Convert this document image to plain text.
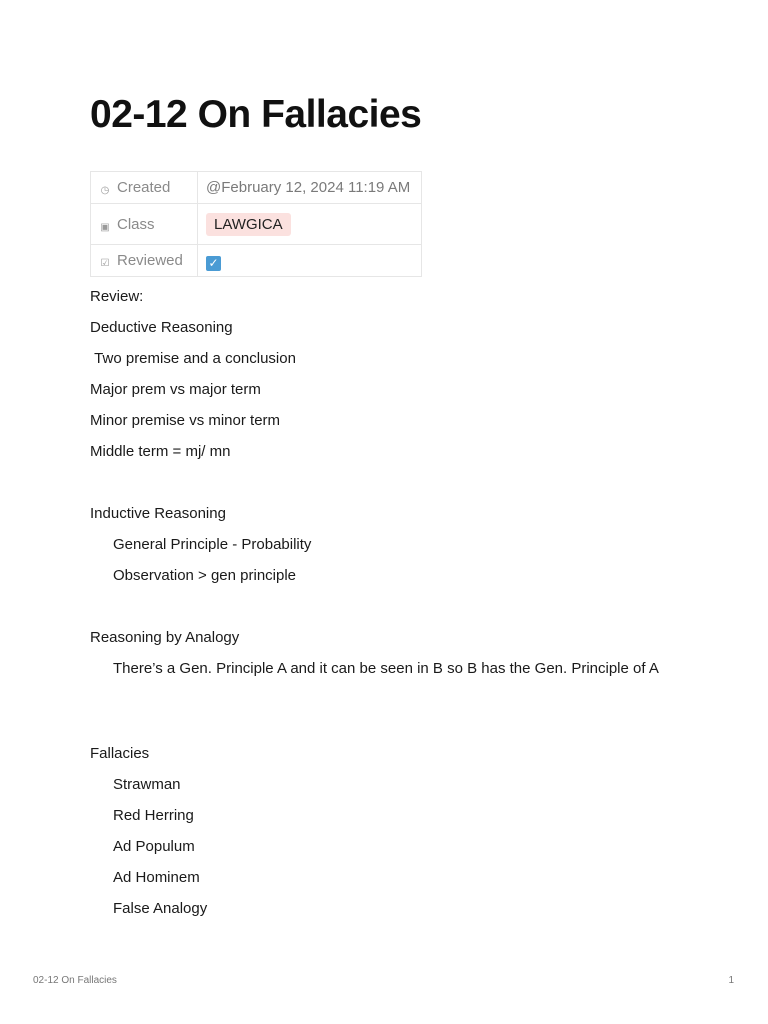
02-12 On Fallacies
◷ Created	@February 12, 2024 11:19 AM
▣ Class	LAWGICA
☑ Reviewed	✓
Review:
Deductive Reasoning
Two premise and a conclusion
Major prem vs major term
Minor premise vs minor term
Middle term = mj/ mn
Inductive Reasoning
General Principle - Probability
Observation > gen principle
Reasoning by Analogy
There’s a Gen. Principle A and it can be seen in B so B has the Gen. Principle of A
Fallacies
Strawman
Red Herring
Ad Populum
Ad Hominem
False Analogy
02-12 On Fallacies	1
